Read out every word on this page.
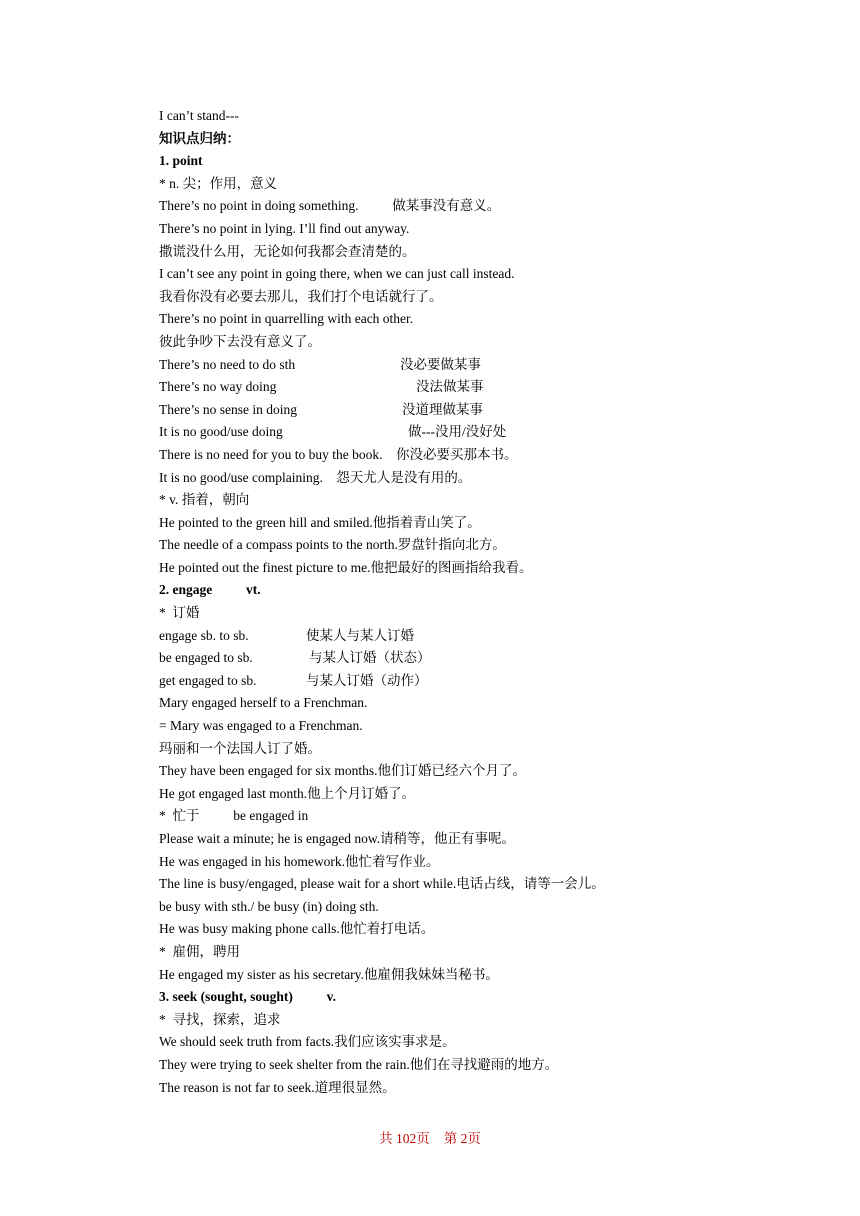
I can’t stand---
知识点归纳：
1. point
* n. 尖；作用，意义
There’s no point in doing something.          做某事没有意义。
There’s no point in lying. I’ll find out anyway.
撒谎没什么用，无论如何我都会查清楚的。
I can’t see any point in going there, when we can just call instead.
我看你没有必要去那儿，我们打个电话就行了。
There’s no point in quarrelling with each other.
彼此争吵下去没有意义了。
There’s no need to do sth	没必要做某事
There’s no way doing	没法做某事
There’s no sense in doing	没道理做某事
It is no good/use doing	做---没用/没好处
There is no need for you to buy the book.    你没必要买那本书。
It is no good/use complaining.    怨天尤人是没有用的。
* v. 指着，朝向
He pointed to the green hill and smiled.他指着青山笑了。
The needle of a compass points to the north.罗盘针指向北方。
He pointed out the finest picture to me.他把最好的图画指给我看。
2. engage          vt.
*  订婚
engage sb. to sb.	使某人与某人订婚
be engaged to sb.	与某人订婚（状态）
get engaged to sb.	与某人订婚（动作）
Mary engaged herself to a Frenchman.
= Mary was engaged to a Frenchman.
玛丽和一个法国人订了婚。
They have been engaged for six months.他们订婚已经六个月了。
He got engaged last month.他上个月订婚了。
*  忙于          be engaged in
Please wait a minute; he is engaged now.请稍等，他正有事呢。
He was engaged in his homework.他忙着写作业。
The line is busy/engaged, please wait for a short while.电话占线，请等一会儿。
be busy with sth./ be busy (in) doing sth.
He was busy making phone calls.他忙着打电话。
*  雇佣，聘用
He engaged my sister as his secretary.他雇佣我妹妹当秘书。
3. seek (sought, sought)          v.
*  寻找，探索，追求
We should seek truth from facts.我们应该实事求是。
They were trying to seek shelter from the rain.他们在寻找避雨的地方。
The reason is not far to seek.道理很显然。
共 102页 第 2页
